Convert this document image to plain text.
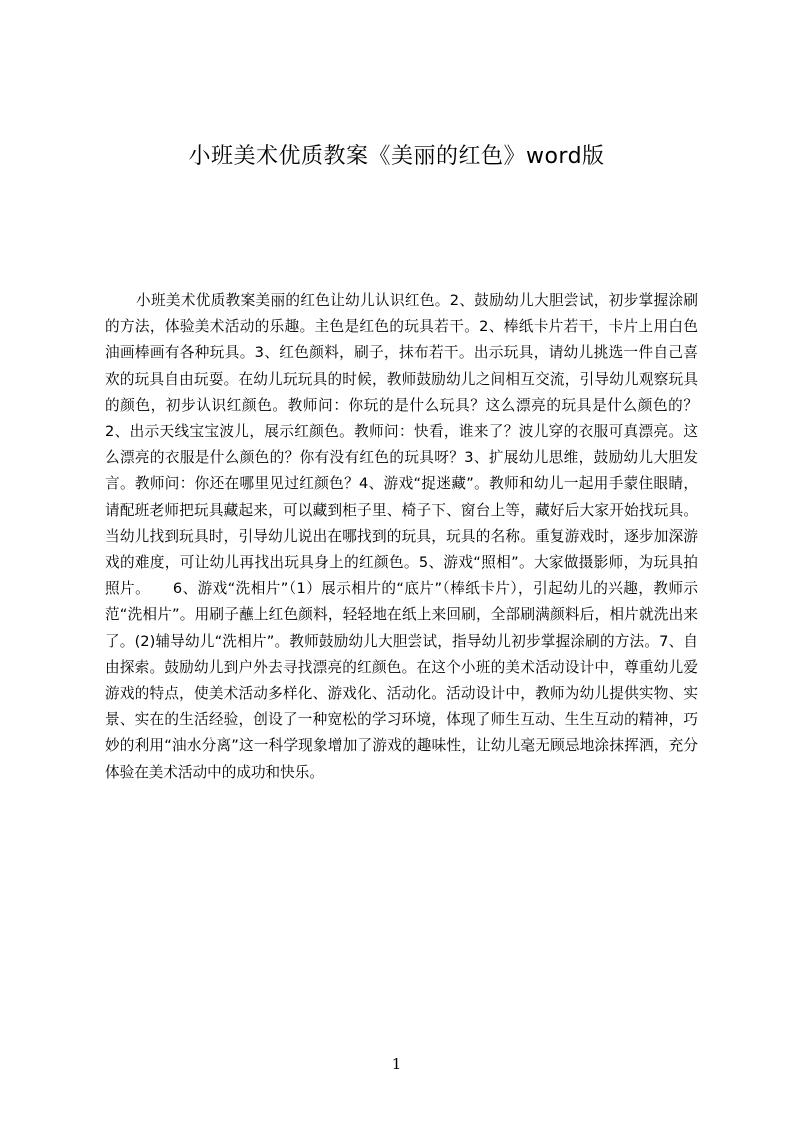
小班美术优质教案《美丽的红色》word版

小班美术优质教案美丽的红色让幼儿认识红色。2、鼓励幼儿大胆尝试，初步掌握涂刷的方法，体验美术活动的乐趣。主色是红色的玩具若干。2、棒纸卡片若干，卡片上用白色油画棒画有各种玩具。3、红色颜料，刷子，抹布若干。出示玩具，请幼儿挑选一件自己喜欢的玩具自由玩耍。在幼儿玩玩具的时候，教师鼓励幼儿之间相互交流，引导幼儿观察玩具的颜色，初步认识红颜色。教师问：你玩的是什么玩具？这么漂亮的玩具是什么颜色的？2、出示天线宝宝波儿，展示红颜色。教师问：快看，谁来了？波儿穿的衣服可真漂亮。这么漂亮的衣服是什么颜色的？你有没有红色的玩具呀？3、扩展幼儿思维，鼓励幼儿大胆发言。教师问：你还在哪里见过红颜色？4、游戏“捉迷藏”。教师和幼儿一起用手蒙住眼睛，请配班老师把玩具藏起来，可以藏到柜子里、椅子下、窗台上等，藏好后大家开始找玩具。当幼儿找到玩具时，引导幼儿说出在哪找到的玩具，玩具的名称。重复游戏时，逐步加深游戏的难度，可让幼儿再找出玩具身上的红颜色。5、游戏“照相”。大家做摄影师，为玩具拍照片。　　6、游戏“洗相片”（1）展示相片的“底片”（棒纸卡片），引起幼儿的兴趣，教师示范“洗相片”。用刷子蘸上红色颜料，轻轻地在纸上来回刷，全部刷满颜料后，相片就洗出来了。(2)辅导幼儿“洗相片”。教师鼓励幼儿大胆尝试，指导幼儿初步掌握涂刷的方法。7、自由探索。鼓励幼儿到户外去寻找漂亮的红颜色。在这个小班的美术活动设计中，尊重幼儿爱游戏的特点，使美术活动多样化、游戏化、活动化。活动设计中，教师为幼儿提供实物、实景、实在的生活经验，创设了一种宽松的学习环境，体现了师生互动、生生互动的精神，巧妙的利用“油水分离”这一科学现象增加了游戏的趣味性，让幼儿毫无顾忌地涂抹挥洒，充分体验在美术活动中的成功和快乐。

1
